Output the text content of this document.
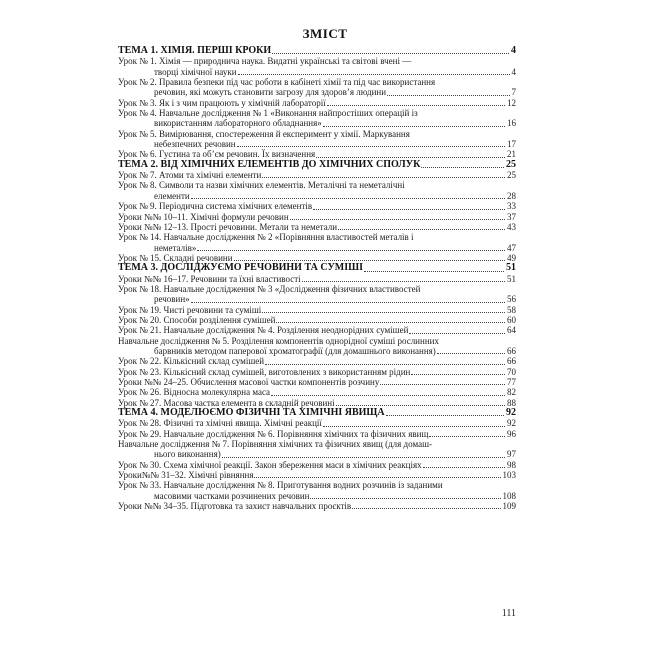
ЗМІСТ
ТЕМА 1. ХІМІЯ. ПЕРШІ КРОКИ	4
Урок № 1. Хімія — природнича наука. Видатні українські та світові вчені —
творці хімічної науки	4
Урок № 2. Правила безпеки під час роботи в кабінеті хімії та під час використання
речовин, які можуть становити загрозу для здоров’я людини	7
Урок № 3. Як і з чим працюють у хімічній лабораторії	12
Урок № 4. Навчальне дослідження № 1 «Виконання найпростіших операцій із
використанням лабораторного обладнання»	16
Урок № 5. Вимірювання, спостереження й експеримент у хімії. Маркування
небезпечних речовин	17
Урок № 6. Густина та об’єм речовин. Їх визначення	21
ТЕМА 2. ВІД ХІМІЧНИХ ЕЛЕМЕНТІВ ДО ХІМІЧНИХ СПОЛУК	25
Урок № 7. Атоми та хімічні елементи	25
Урок № 8. Символи та назви хімічних елементів. Металічні та неметалічні
елементи	28
Урок № 9. Періодична система хімічних елементів	33
Уроки №№ 10–11. Хімічні формули речовин	37
Уроки №№ 12–13. Прості речовини. Метали та неметали	43
Урок № 14. Навчальне дослідження № 2 «Порівняння властивостей металів і
неметалів»	47
Урок № 15. Складні речовини	49
ТЕМА 3. ДОСЛІДЖУЄМО РЕЧОВИНИ ТА СУМІШІ	51
Уроки №№ 16–17. Речовини та їхні властивості	51
Урок № 18. Навчальне дослідження № 3 «Дослідження фізичних властивостей
речовин»	56
Урок № 19. Чисті речовини та суміші	58
Урок № 20. Способи розділення сумішей	60
Урок № 21. Навчальне дослідження № 4. Розділення неоднорідних сумішей	64
Навчальне дослідження № 5. Розділення компонентів однорідної суміші рослинних
барвників методом паперової хроматографії (для домашнього виконання)	66
Урок № 22. Кількісний склад сумішей	66
Урок № 23. Кількісний склад сумішей, виготовлених з використанням рідин	70
Уроки №№ 24–25. Обчислення масової частки компонентів розчину	77
Урок № 26. Відносна молекулярна маса	82
Урок № 27. Масова частка елемента в складній речовині	88
ТЕМА 4. МОДЕЛЮЄМО ФІЗИЧНІ ТА ХІМІЧНІ ЯВИЩА	92
Урок № 28. Фізичні та хімічні явища. Хімічні реакції	92
Урок № 29. Навчальне дослідження № 6. Порівняння хімічних та фізичних явищ	96
Навчальне дослідження № 7. Порівняння хімічних та фізичних явищ (для домаш-
нього виконання)	97
Урок № 30. Схема хімічної реакції. Закон збереження маси в хімічних реакціях	98
Уроки№№ 31–32. Хімічні рівняння	103
Урок № 33. Навчальне дослідження № 8. Приготування водних розчинів із заданими
масовими частками розчинених речовин	108
Уроки №№ 34–35. Підготовка та захист навчальних проєктів	109
111
